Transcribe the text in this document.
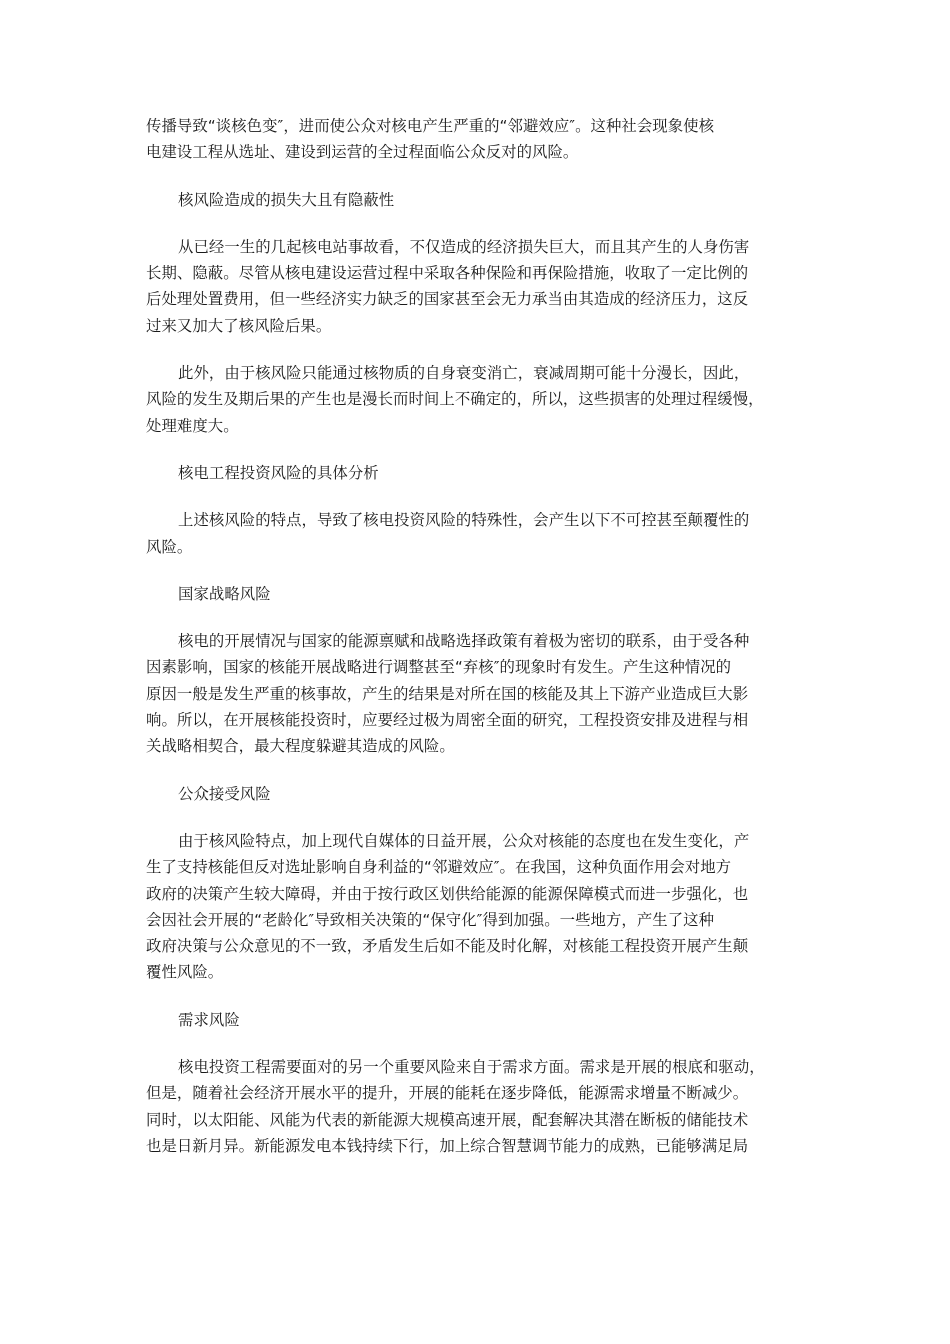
传播导致“谈核色变″，进而使公众对核电产生严重的“邻避效应″。这种社会现象使核
电建设工程从选址、建设到运营的全过程面临公众反对的风险。
核风险造成的损失大且有隐蔽性
从已经一生的几起核电站事故看，不仅造成的经济损失巨大，而且其产生的人身伤害
长期、隐蔽。尽管从核电建设运营过程中采取各种保险和再保险措施，收取了一定比例的
后处理处置费用，但一些经济实力缺乏的国家甚至会无力承当由其造成的经济压力，这反
过来又加大了核风险后果。
此外，由于核风险只能通过核物质的自身衰变消亡，衰减周期可能十分漫长，因此，
风险的发生及期后果的产生也是漫长而时间上不确定的，所以，这些损害的处理过程缓慢，
处理难度大。
核电工程投资风险的具体分析
上述核风险的特点，导致了核电投资风险的特殊性，会产生以下不可控甚至颠覆性的
风险。
国家战略风险
核电的开展情况与国家的能源禀赋和战略选择政策有着极为密切的联系，由于受各种
因素影响，国家的核能开展战略进行调整甚至“弃核″的现象时有发生。产生这种情况的
原因一般是发生严重的核事故，产生的结果是对所在国的核能及其上下游产业造成巨大影
响。所以，在开展核能投资时，应要经过极为周密全面的研究，工程投资安排及进程与相
关战略相契合，最大程度躲避其造成的风险。
公众接受风险
由于核风险特点，加上现代自媒体的日益开展，公众对核能的态度也在发生变化，产
生了支持核能但反对选址影响自身利益的“邻避效应″。在我国，这种负面作用会对地方
政府的决策产生较大障碍，并由于按行政区划供给能源的能源保障模式而进一步强化，也
会因社会开展的“老龄化″导致相关决策的“保守化″得到加强。一些地方，产生了这种
政府决策与公众意见的不一致，矛盾发生后如不能及时化解，对核能工程投资开展产生颠
覆性风险。
需求风险
核电投资工程需要面对的另一个重要风险来自于需求方面。需求是开展的根底和驱动，
但是，随着社会经济开展水平的提升，开展的能耗在逐步降低，能源需求增量不断减少。
同时，以太阳能、风能为代表的新能源大规模高速开展，配套解决其潜在断板的储能技术
也是日新月异。新能源发电本钱持续下行，加上综合智慧调节能力的成熟，已能够满足局
